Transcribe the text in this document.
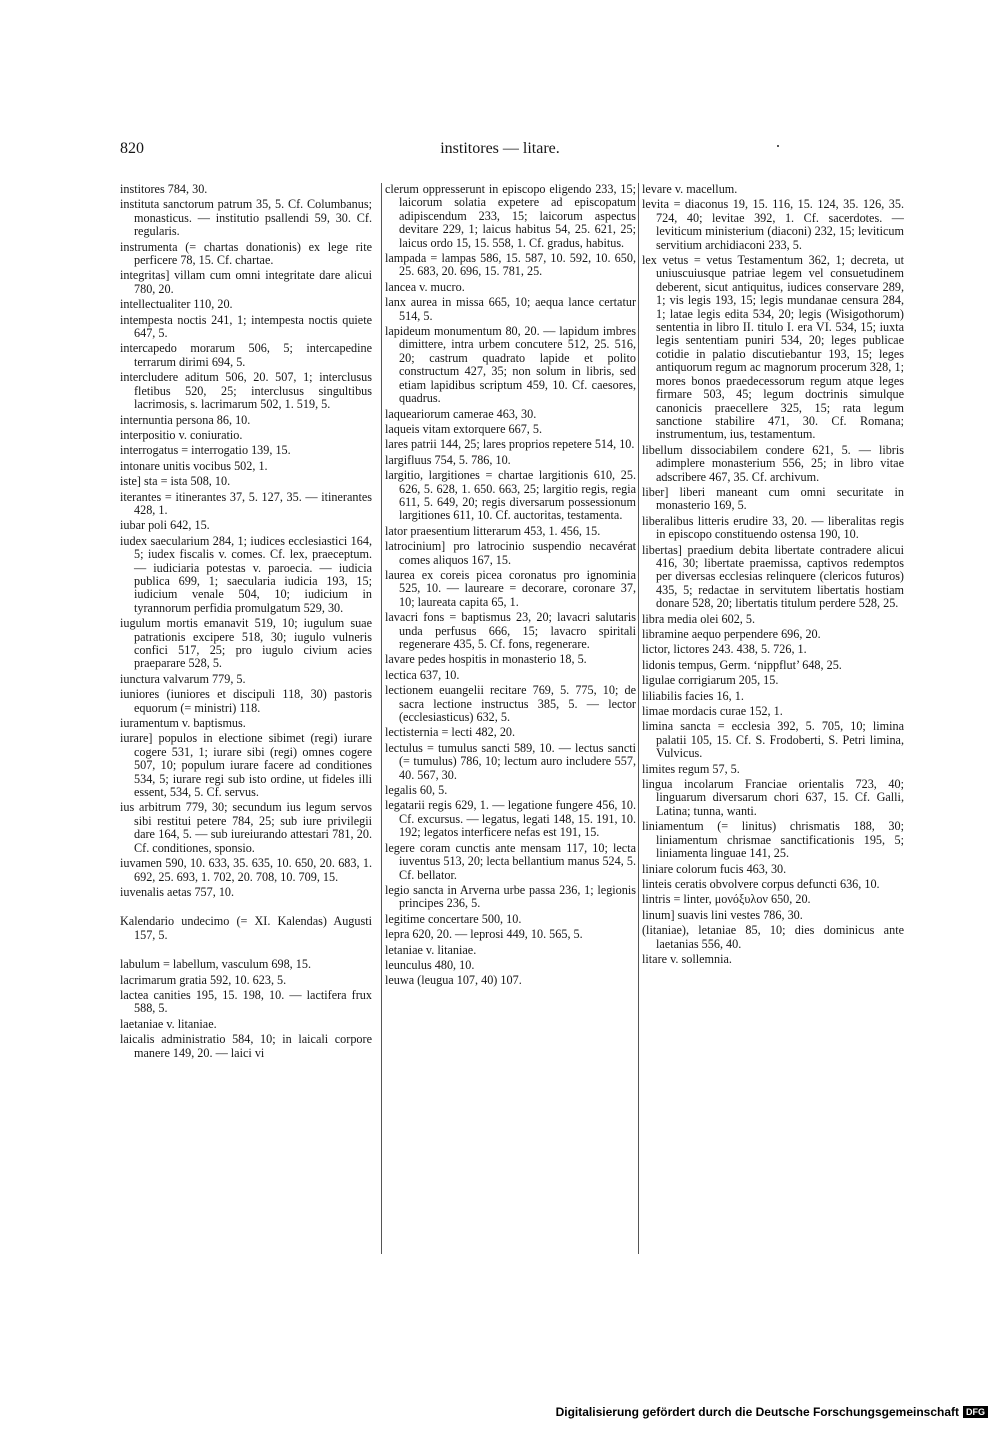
820	institores — litare.
institores 784, 30.
instituta sanctorum patrum 35, 5. Cf. Columbanus; monasticus. — institutio psallendi 59, 30. Cf. regularis.
instrumenta (= chartas donationis) ex lege rite perficere 78, 15. Cf. chartae.
integritas] villam cum omni integritate dare alicui 780, 20.
intellectualiter 110, 20.
intempesta noctis 241, 1; intempesta noctis quiete 647, 5.
intercapedo morarum 506, 5; intercapedine terrarum dirimi 694, 5.
intercludere aditum 506, 20. 507, 1; interclusus fletibus 520, 25; interclusus singultibus lacrimosis, s. lacrimarum 502, 1. 519, 5.
internuntia persona 86, 10.
interpositio v. coniuratio.
interrogatus = interrogatio 139, 15.
intonare unitis vocibus 502, 1.
iste] sta = ista 508, 10.
iterantes = itinerantes 37, 5. 127, 35. — itinerantes 428, 1.
iubar poli 642, 15.
iudex saecularium 284, 1; iudices ecclesiastici 164, 5; iudex fiscalis v. comes. Cf. lex, praeceptum. — iudiciaria potestas v. paroecia. — iudicia publica 699, 1; saecularia iudicia 193, 15; iudicium venale 504, 10; iudicium in tyrannorum perfidia promulgatum 529, 30.
iugulum mortis emanavit 519, 10; iugulum suae patrationis excipere 518, 30; iugulo vulneris confici 517, 25; pro iugulo civium acies praeparare 528, 5.
iunctura valvarum 779, 5.
iuniores (iuniores et discipuli 118, 30) pastoris equorum (= ministri) 118.
iuramentum v. baptismus.
iurare] populos in electione sibimet (regi) iurare cogere 531, 1; iurare sibi (regi) omnes cogere 507, 10; populum iurare facere ad conditiones 534, 5; iurare regi sub isto ordine, ut fideles illi essent, 534, 5. Cf. servus.
ius arbitrum 779, 30; secundum ius legum servos sibi restitui petere 784, 25; sub iure privilegii dare 164, 5. — sub iureiurando attestari 781, 20. Cf. conditiones, sponsio.
iuvamen 590, 10. 633, 35. 635, 10. 650, 20. 683, 1. 692, 25. 693, 1. 702, 20. 708, 10. 709, 15.
iuvenalis aetas 757, 10.
Kalendario undecimo (= XI. Kalendas) Augusti 157, 5.
labulum = labellum, vasculum 698, 15.
lacrimarum gratia 592, 10. 623, 5.
lactea canities 195, 15. 198, 10. — lactifera frux 588, 5.
laetaniae v. litaniae.
laicalis administratio 584, 10; in laicali corpore manere 149, 20. — laici vi
clerum oppresserunt in episcopo eligendo 233, 15; laicorum solatia expetere ad episcopatum adipiscendum 233, 15; laicorum aspectus devitare 229, 1; laicus habitus 54, 25. 621, 25; laicus ordo 15, 15. 558, 1. Cf. gradus, habitus.
lampada = lampas 586, 15. 587, 10. 592, 10. 650, 25. 683, 20. 696, 15. 781, 25.
lancea v. mucro.
lanx aurea in missa 665, 10; aequa lance certatur 514, 5.
lapideum monumentum 80, 20. — lapidum imbres dimittere, intra urbem concutere 512, 25. 516, 20; castrum quadrato lapide et polito constructum 427, 35; non solum in libris, sed etiam lapidibus scriptum 459, 10. Cf. caesores, quadrus.
laqueariorum camerae 463, 30.
laqueis vitam extorquere 667, 5.
lares patrii 144, 25; lares proprios repetere 514, 10.
largifluus 754, 5. 786, 10.
largitio, largitiones = chartae largitionis 610, 25. 626, 5. 628, 1. 650. 663, 25; largitio regis, regia 611, 5. 649, 20; regis diversarum possessionum largitiones 611, 10. Cf. auctoritas, testamenta.
lator praesentium litterarum 453, 1. 456, 15.
latrocinium] pro latrocinio suspendio necavérat comes aliquos 167, 15.
laurea ex coreis picea coronatus pro ignominia 525, 10. — laureare = decorare, coronare 37, 10; laureata capita 65, 1.
lavacri fons = baptismus 23, 20; lavacri salutaris unda perfusus 666, 15; lavacro spiritali regenerare 435, 5. Cf. fons, regenerare.
lavare pedes hospitis in monasterio 18, 5.
lectica 637, 10.
lectionem euangelii recitare 769, 5. 775, 10; de sacra lectione instructus 385, 5. — lector (ecclesiasticus) 632, 5.
lectisternia = lecti 482, 20.
lectulus = tumulus sancti 589, 10. — lectus sancti (= tumulus) 786, 10; lectum auro includere 557, 40. 567, 30.
legalis 60, 5.
legatarii regis 629, 1. — legatione fungere 456, 10. Cf. excursus. — legatus, legati 148, 15. 191, 10. 192; legatos interficere nefas est 191, 15.
legere coram cunctis ante mensam 117, 10; lecta iuventus 513, 20; lecta bellantium manus 524, 5. Cf. bellator.
legio sancta in Arverna urbe passa 236, 1; legionis principes 236, 5.
legitime concertare 500, 10.
lepra 620, 20. — leprosi 449, 10. 565, 5.
letaniae v. litaniae.
leunculus 480, 10.
leuwa (leugua 107, 40) 107.
levare v. macellum.
levita = diaconus 19, 15. 116, 15. 124, 35. 126, 35. 724, 40; levitae 392, 1. Cf. sacerdotes. — leviticum ministerium (diaconi) 232, 15; leviticum servitium archidiaconi 233, 5.
lex vetus = vetus Testamentum 362, 1; decreta, ut uniuscuiusque patriae legem vel consuetudinem deberent, sicut antiquitus, iudices conservare 289, 1; vis legis 193, 15; legis mundanae censura 284, 1; latae legis edita 534, 20; legis (Wisigothorum) sententia in libro II. titulo I. era VI. 534, 15; iuxta legis sententiam puniri 534, 20; leges publicae cotidie in palatio discutiebantur 193, 15; leges antiquorum regum ac magnorum procerum 328, 1; mores bonos praedecessorum regum atque leges firmare 503, 45; legum doctrinis simulque canonicis praecellere 325, 15; rata legum sanctione stabilire 471, 30. Cf. Romana; instrumentum, ius, testamentum.
libellum dissociabilem condere 621, 5. — libris adimplere monasterium 556, 25; in libro vitae adscribere 467, 35. Cf. archivum.
liber] liberi maneant cum omni securitate in monasterio 169, 5.
liberalibus litteris erudire 33, 20. — liberalitas regis in episcopo constituendo ostensa 190, 10.
libertas] praedium debita libertate contradere alicui 416, 30; libertate praemissa, captivos redemptos per diversas ecclesias relinquere (clericos futuros) 435, 5; redactae in servitutem libertatis hostiam donare 528, 20; libertatis titulum perdere 528, 25.
libra media olei 602, 5.
libramine aequo perpendere 696, 20.
lictor, lictores 243. 438, 5. 726, 1.
lidonis tempus, Germ. ‘nippflut’ 648, 25.
ligulae corrigiarum 205, 15.
liliabilis facies 16, 1.
limae mordacis curae 152, 1.
limina sancta = ecclesia 392, 5. 705, 10; limina palatii 105, 15. Cf. S. Frodoberti, S. Petri limina, Vulvicus.
limites regum 57, 5.
lingua incolarum Franciae orientalis 723, 40; linguarum diversarum chori 637, 15. Cf. Galli, Latina; tunna, wanti.
liniamentum (= linitus) chrismatis 188, 30; liniamentum chrismae sanctificationis 195, 5; liniamenta linguae 141, 25.
liniare colorum fucis 463, 30.
linteis ceratis obvolvere corpus defuncti 636, 10.
lintris = linter, μονόξυλον 650, 20.
linum] suavis lini vestes 786, 30.
(litaniae), letaniae 85, 10; dies dominicus ante laetanias 556, 40.
litare v. sollemnia.
Digitalisierung gefördert durch die Deutsche Forschungsgemeinschaft DFG
